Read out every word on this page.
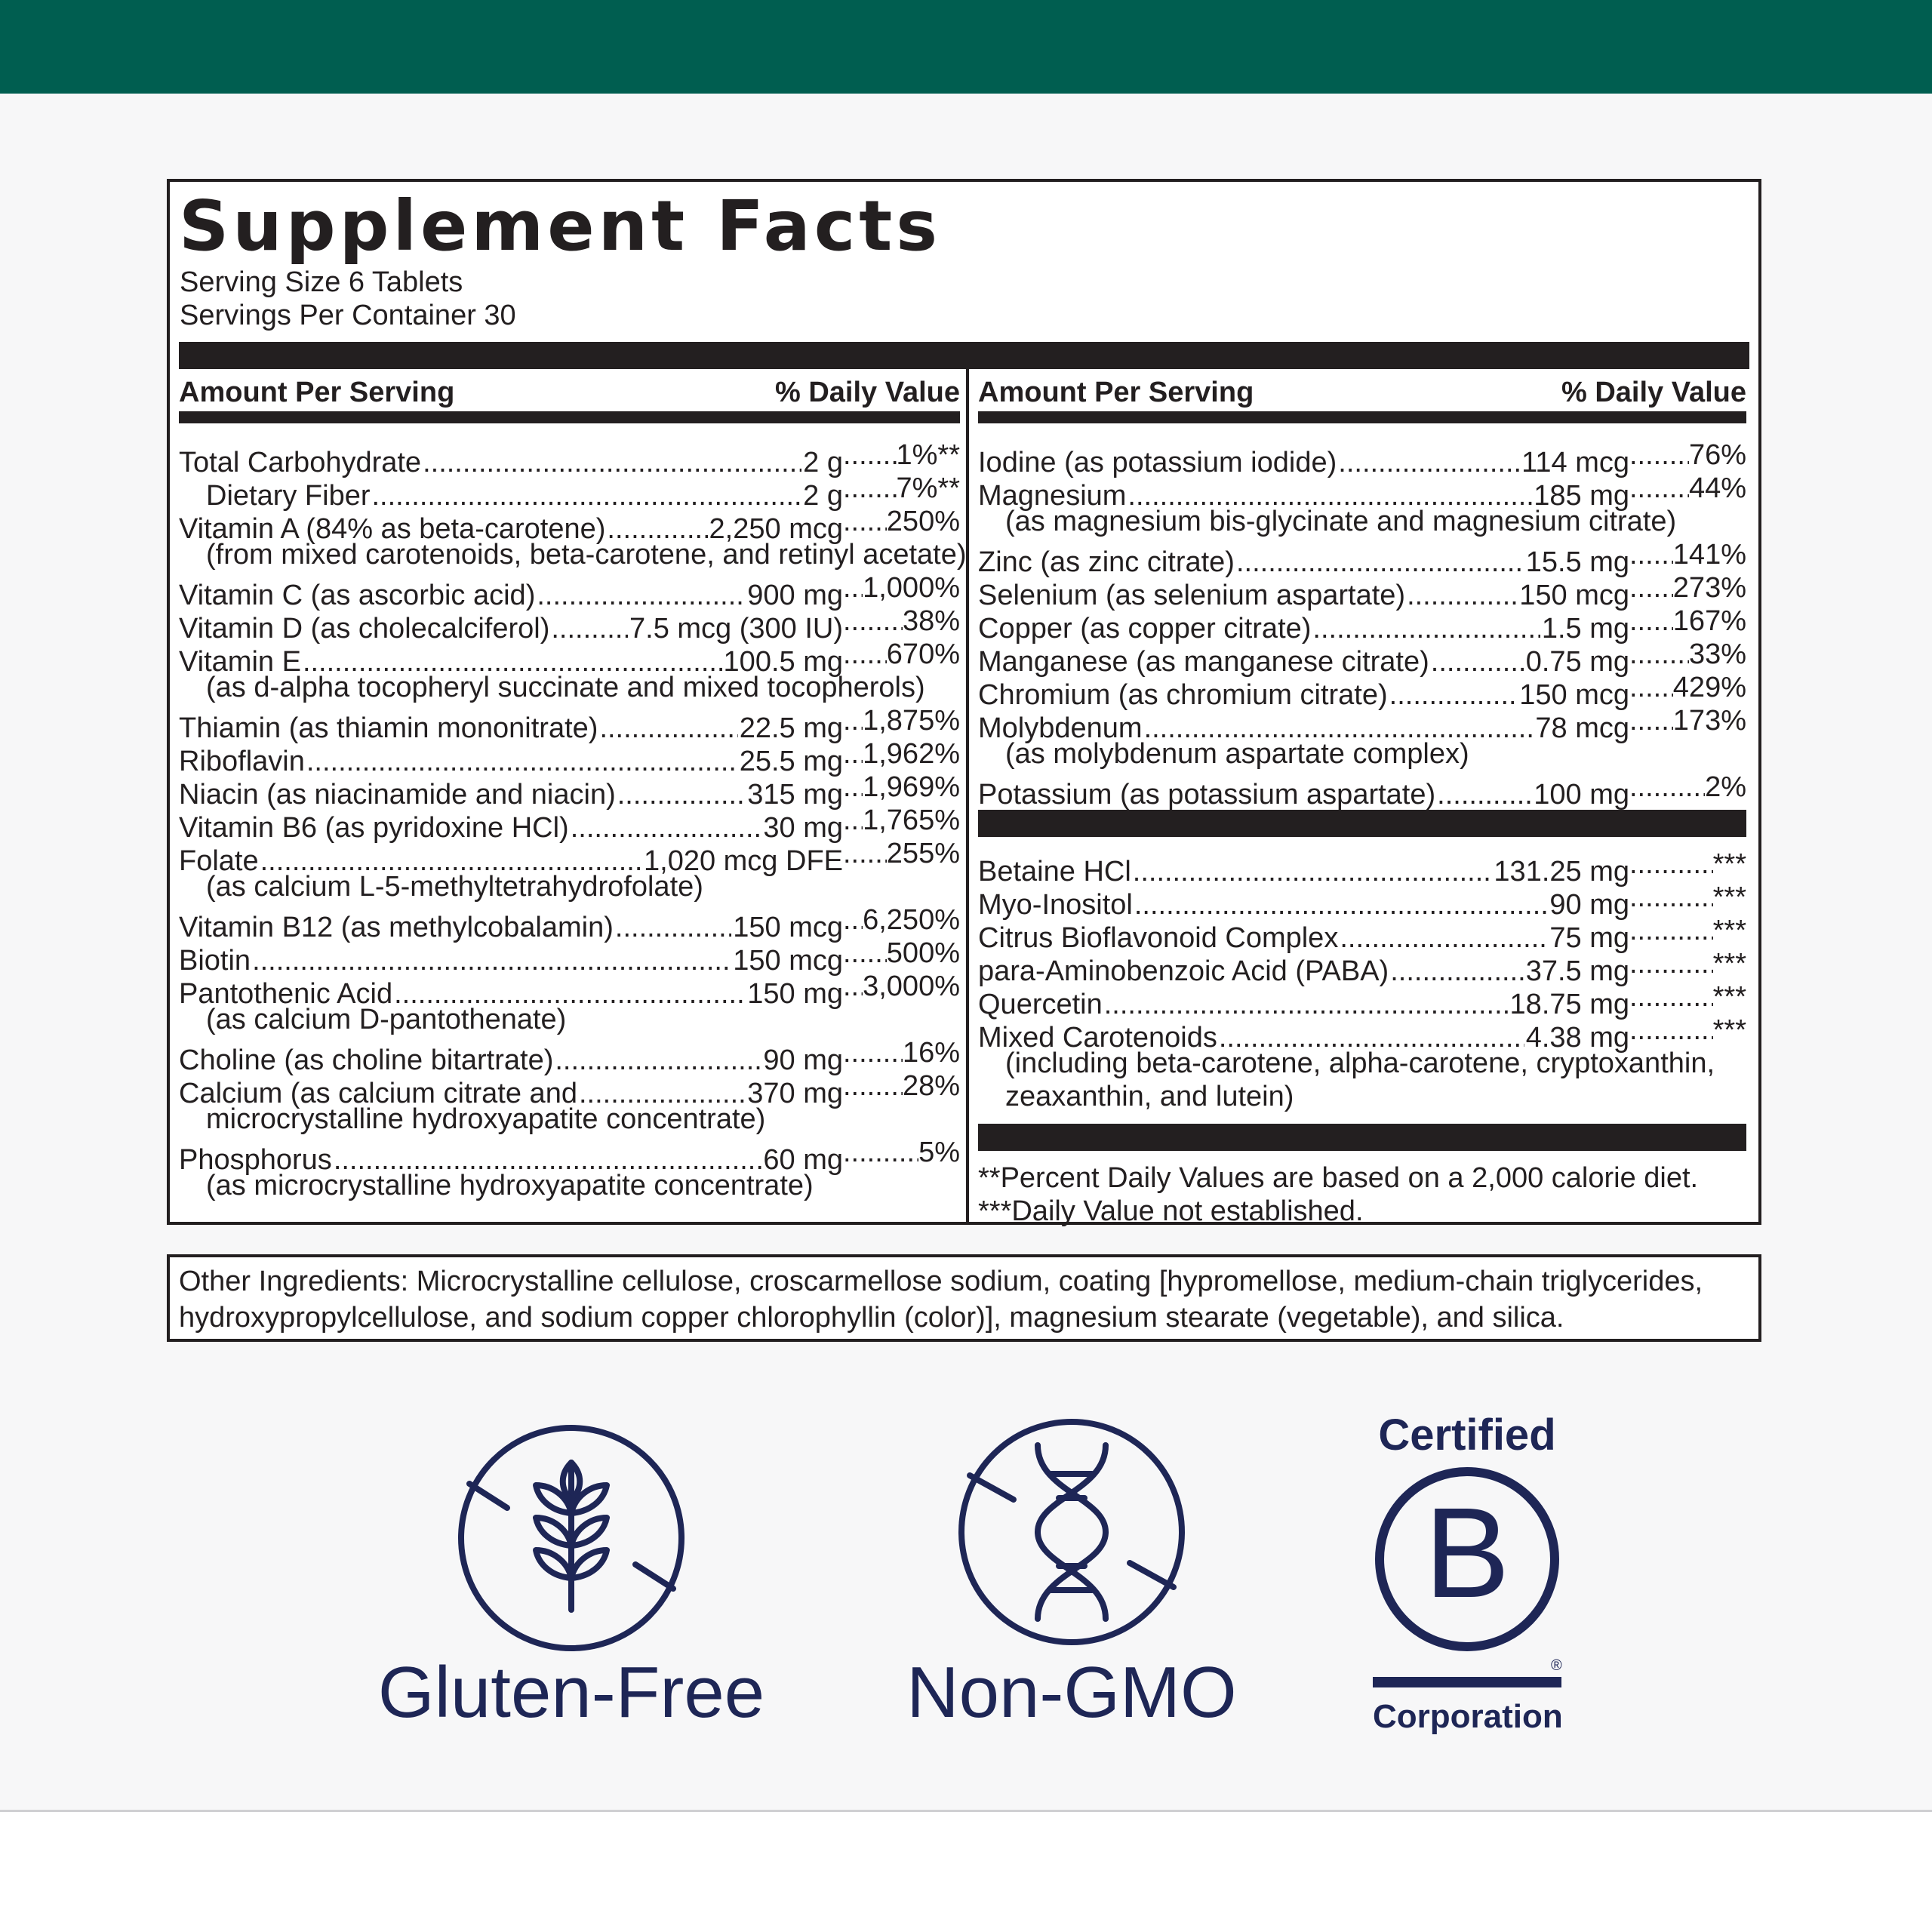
Supplement Facts
Serving Size 6 Tablets
Servings Per Container 30
Amount Per Serving	% Daily Value
Total Carbohydrate .....	2 g ..... 1%**
Dietary Fiber .....	2 g ..... 7%**
Vitamin A (84% as beta-carotene) .....	2,250 mcg ..... 250%
(from mixed carotenoids, beta-carotene, and retinyl acetate)
Vitamin C (as ascorbic acid) .....	900 mg ..... 1,000%
Vitamin D (as cholecalciferol) .....	7.5 mcg (300 IU) ..... 38%
Vitamin E .....	100.5 mg ..... 670%
(as d-alpha tocopheryl succinate and mixed tocopherols)
Thiamin (as thiamin mononitrate) .....	22.5 mg ..... 1,875%
Riboflavin .....	25.5 mg ..... 1,962%
Niacin (as niacinamide and niacin) .....	315 mg ..... 1,969%
Vitamin B6 (as pyridoxine HCl) .....	30 mg ..... 1,765%
Folate .....	1,020 mcg DFE ..... 255%
(as calcium L-5-methyltetrahydrofolate)
Vitamin B12 (as methylcobalamin) .....	150 mcg ..... 6,250%
Biotin .....	150 mcg ..... 500%
Pantothenic Acid .....	150 mg ..... 3,000%
(as calcium D-pantothenate)
Choline (as choline bitartrate) .....	90 mg ..... 16%
Calcium (as calcium citrate and .....	370 mg ..... 28%
microcrystalline hydroxyapatite concentrate)
Phosphorus .....	60 mg .....	5%
(as microcrystalline hydroxyapatite concentrate)
Amount Per Serving	% Daily Value
Iodine (as potassium iodide) .....	114 mcg ..... 76%
Magnesium .....	185 mg ..... 44%
(as magnesium bis-glycinate and magnesium citrate)
Zinc (as zinc citrate) .....	15.5 mg ..... 141%
Selenium (as selenium aspartate) .....	150 mcg ..... 273%
Copper (as copper citrate) .....	1.5 mg ..... 167%
Manganese (as manganese citrate) .....	0.75 mg ..... 33%
Chromium (as chromium citrate) .....	150 mcg ..... 429%
Molybdenum .....	78 mcg ..... 173%
(as molybdenum aspartate complex)
Potassium (as potassium aspartate) .....	100 mg .....	2%
Betaine HCl .....	131.25 mg .....	***
Myo-Inositol .....	90 mg .....	***
Citrus Bioflavonoid Complex .....	75 mg .....	***
para-Aminobenzoic Acid (PABA) .....	37.5 mg .....	***
Quercetin .....	18.75 mg .....	***
Mixed Carotenoids .....	4.38 mg .....	***
(including beta-carotene, alpha-carotene, cryptoxanthin,
zeaxanthin, and lutein)
**Percent Daily Values are based on a 2,000 calorie diet.
***Daily Value not established.
Other Ingredients: Microcrystalline cellulose, croscarmellose sodium, coating [hypromellose, medium-chain triglycerides, hydroxypropylcellulose, and sodium copper chlorophyllin (color)], magnesium stearate (vegetable), and silica.
Gluten-Free	Non-GMO
Certified
B
®
Corporation
